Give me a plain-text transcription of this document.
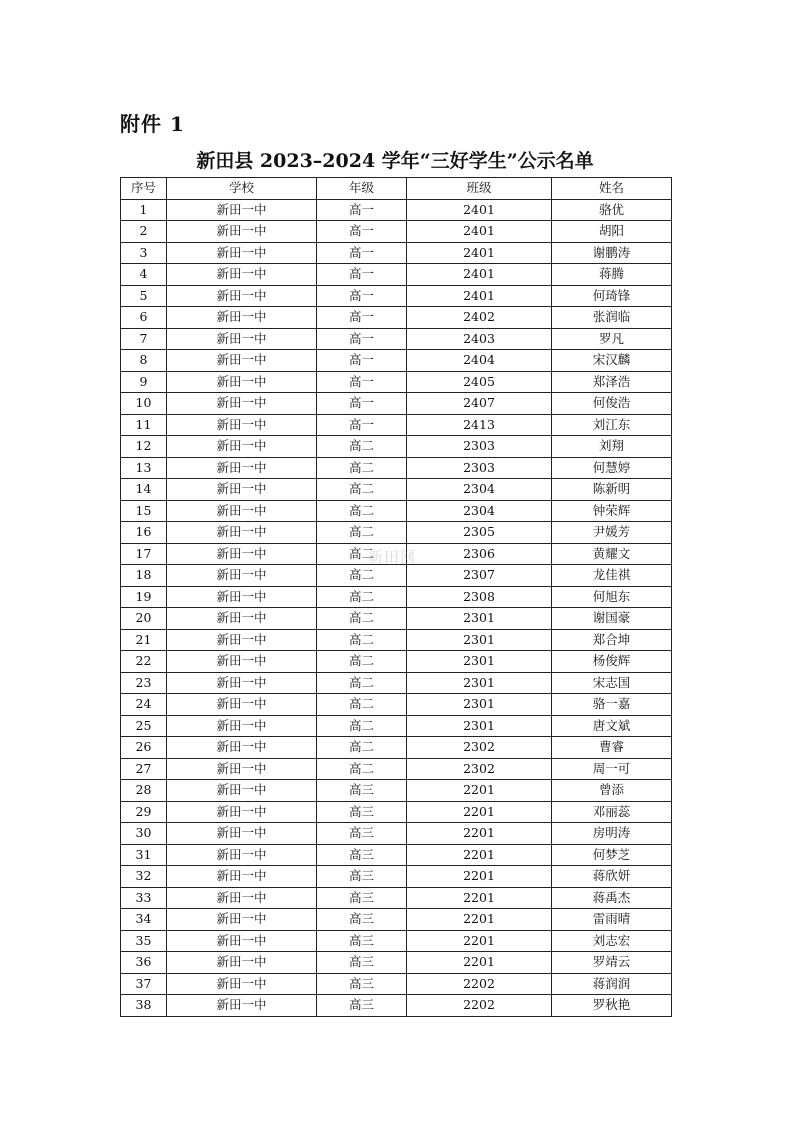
附件 1
新田县 2023–2024 学年“三好学生”公示名单
序号	学校	年级	班级	姓名
1	新田一中	高一	2401	骆优
2	新田一中	高一	2401	胡阳
3	新田一中	高一	2401	谢鹏涛
4	新田一中	高一	2401	蒋腾
5	新田一中	高一	2401	何琦锋
6	新田一中	高一	2402	张润临
7	新田一中	高一	2403	罗凡
8	新田一中	高一	2404	宋汉麟
9	新田一中	高一	2405	郑泽浩
10	新田一中	高一	2407	何俊浩
11	新田一中	高一	2413	刘江东
12	新田一中	高二	2303	刘翔
13	新田一中	高二	2303	何慧婷
14	新田一中	高二	2304	陈新明
15	新田一中	高二	2304	钟荣辉
16	新田一中	高二	2305	尹媛芳
17	新田一中	高二	2306	黄耀文
18	新田一中	高二	2307	龙佳祺
19	新田一中	高二	2308	何旭东
20	新田一中	高二	2301	谢国豪
21	新田一中	高二	2301	郑合坤
22	新田一中	高二	2301	杨俊辉
23	新田一中	高二	2301	宋志国
24	新田一中	高二	2301	骆一嘉
25	新田一中	高二	2301	唐文斌
26	新田一中	高二	2302	曹睿
27	新田一中	高二	2302	周一可
28	新田一中	高三	2201	曾添
29	新田一中	高三	2201	邓丽蕊
30	新田一中	高三	2201	房明涛
31	新田一中	高三	2201	何梦芝
32	新田一中	高三	2201	蒋欣妍
33	新田一中	高三	2201	蒋禹杰
34	新田一中	高三	2201	雷雨晴
35	新田一中	高三	2201	刘志宏
36	新田一中	高三	2201	罗靖云
37	新田一中	高三	2202	蒋润润
38	新田一中	高三	2202	罗秋艳
新田网
